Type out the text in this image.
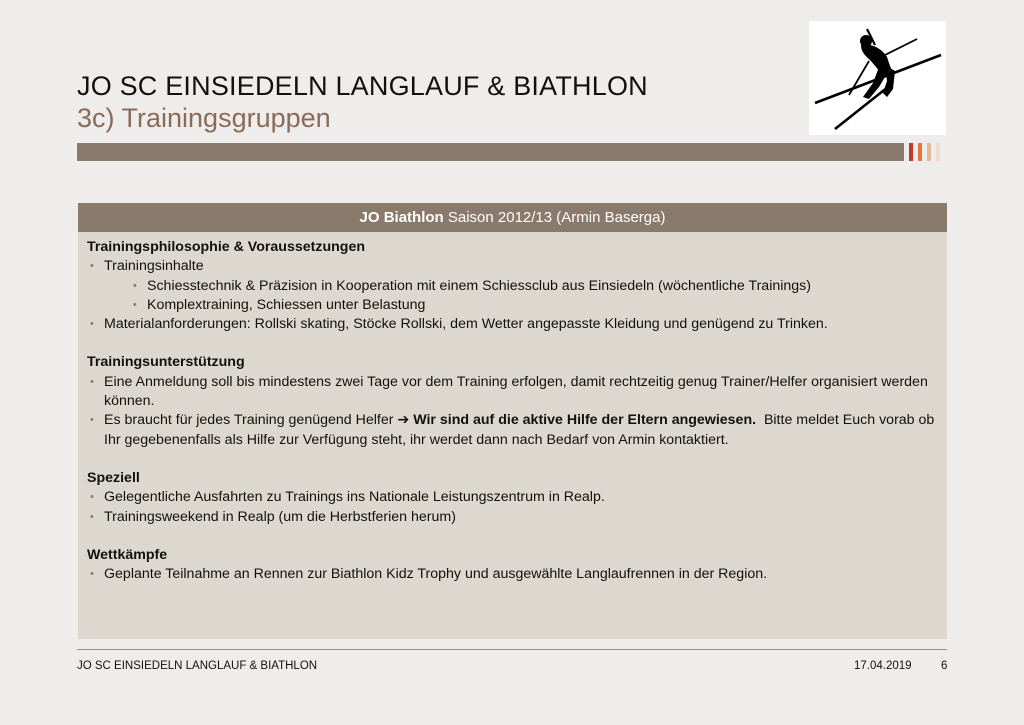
JO SC EINSIEDELN LANGLAUF & BIATHLON
3c) Trainingsgruppen
JO Biathlon Saison 2012/13 (Armin Baserga)
Trainingsphilosophie & Voraussetzungen
• Trainingsinhalte
• Schiesstechnik & Präzision in Kooperation mit einem Schiessclub aus Einsiedeln (wöchentliche Trainings)
• Komplextraining, Schiessen unter Belastung
• Materialanforderungen: Rollski skating, Stöcke Rollski, dem Wetter angepasste Kleidung und genügend zu Trinken.
Trainingsunterstützung
• Eine Anmeldung soll bis mindestens zwei Tage vor dem Training erfolgen, damit rechtzeitig genug Trainer/Helfer organisiert werden können.
• Es braucht für jedes Training genügend Helfer ➔ Wir sind auf die aktive Hilfe der Eltern angewiesen.  Bitte meldet Euch vorab ob Ihr gegebenenfalls als Hilfe zur Verfügung steht, ihr werdet dann nach Bedarf von Armin kontaktiert.
Speziell
• Gelegentliche Ausfahrten zu Trainings ins Nationale Leistungszentrum in Realp.
• Trainingsweekend in Realp (um die Herbstferien herum)
Wettkämpfe
• Geplante Teilnahme an Rennen zur Biathlon Kidz Trophy und ausgewählte Langlaufrennen in der Region.
JO SC EINSIEDELN LANGLAUF & BIATHLON	17.04.2019	6
